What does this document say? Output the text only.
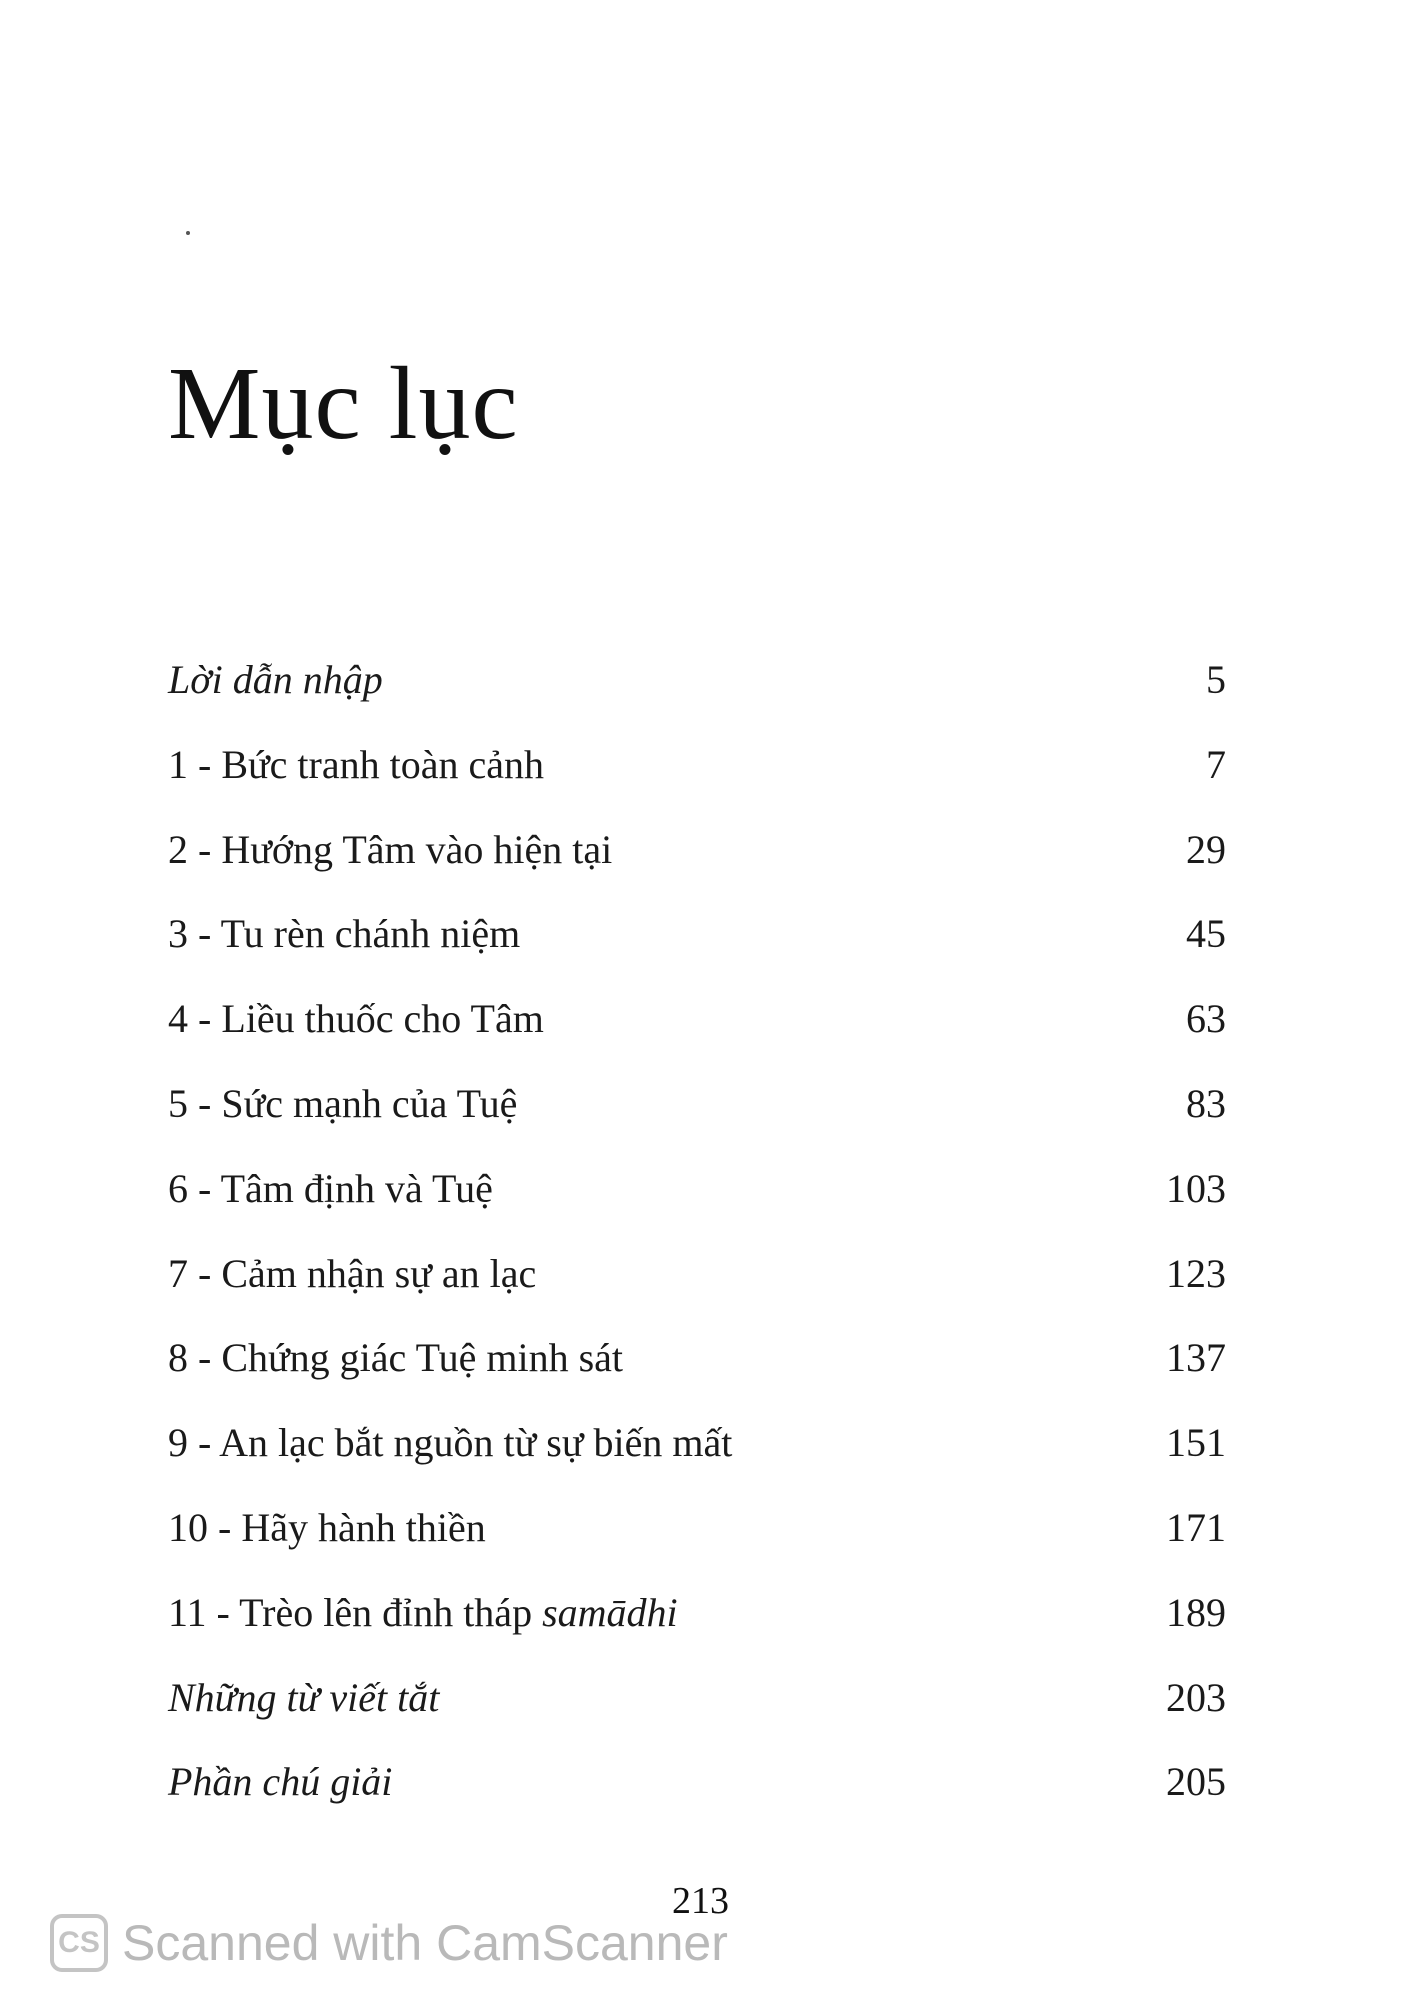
Mục lục
Lời dẫn nhập	5
1 - Bức tranh toàn cảnh	7
2 - Hướng Tâm vào hiện tại	29
3 - Tu rèn chánh niệm	45
4 - Liều thuốc cho Tâm	63
5 - Sức mạnh của Tuệ	83
6 - Tâm định và Tuệ	103
7 - Cảm nhận sự an lạc	123
8 - Chứng giác Tuệ minh sát	137
9 - An lạc bắt nguồn từ sự biến mất	151
10 - Hãy hành thiền	171
11 - Trèo lên đỉnh tháp samādhi	189
Những từ viết tắt	203
Phần chú giải	205
213
CS Scanned with CamScanner
